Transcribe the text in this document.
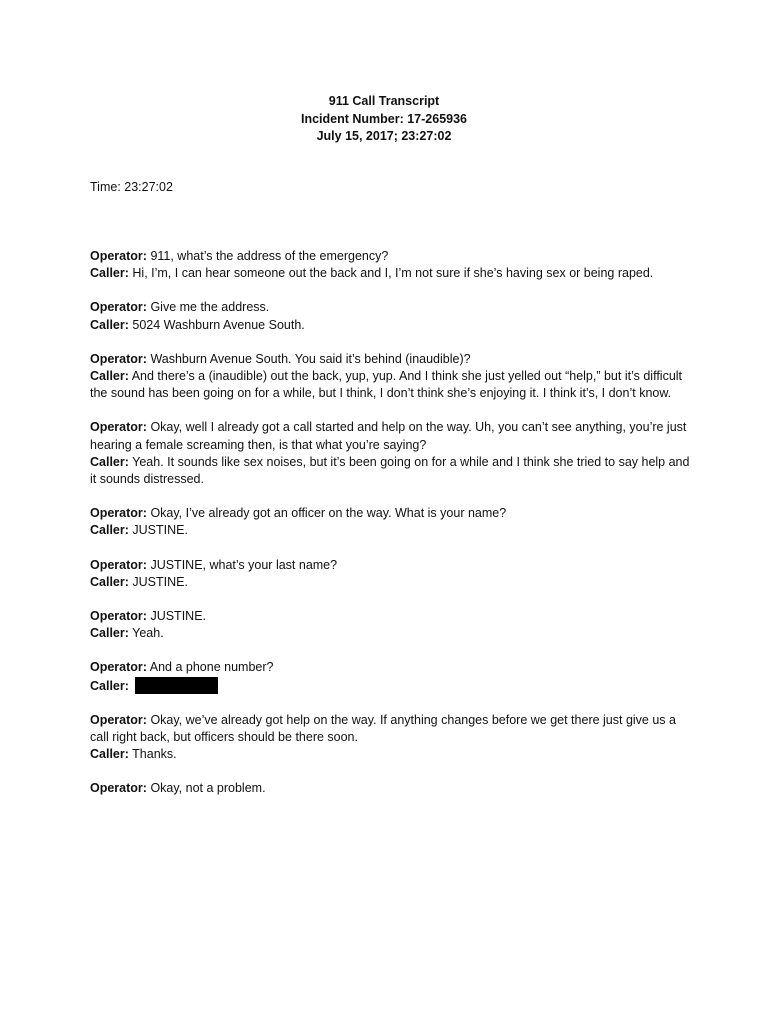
911 Call Transcript
Incident Number: 17-265936
July 15, 2017; 23:27:02
Time: 23:27:02

Operator: 911, what’s the address of the emergency?

Caller: Hi, I’m, I can hear someone out the back and I, I’m not sure if she’s having sex or being raped.

Operator: Give me the address.

Caller: 5024 Washburn Avenue South.

Operator: Washburn Avenue South. You said it’s behind (inaudible)?

Caller: And there’s a (inaudible) out the back, yup, yup. And I think she just yelled out “help,” but it’s difficult the sound has been going on for a while, but I think, I don’t think she’s enjoying it. I think it’s, I don’t know.

Operator: Okay, well I already got a call started and help on the way. Uh, you can’t see anything, you’re just hearing a female screaming then, is that what you’re saying?

Caller: Yeah. It sounds like sex noises, but it’s been going on for a while and I think she tried to say help and it sounds distressed.

Operator: Okay, I’ve already got an officer on the way. What is your name?

Caller: JUSTINE.

Operator: JUSTINE, what’s your last name?

Caller: JUSTINE.

Operator: JUSTINE.

Caller: Yeah.

Operator: And a phone number?

Caller:

Operator: Okay, we’ve already got help on the way. If anything changes before we get there just give us a call right back, but officers should be there soon.

Caller: Thanks.

Operator: Okay, not a problem.
